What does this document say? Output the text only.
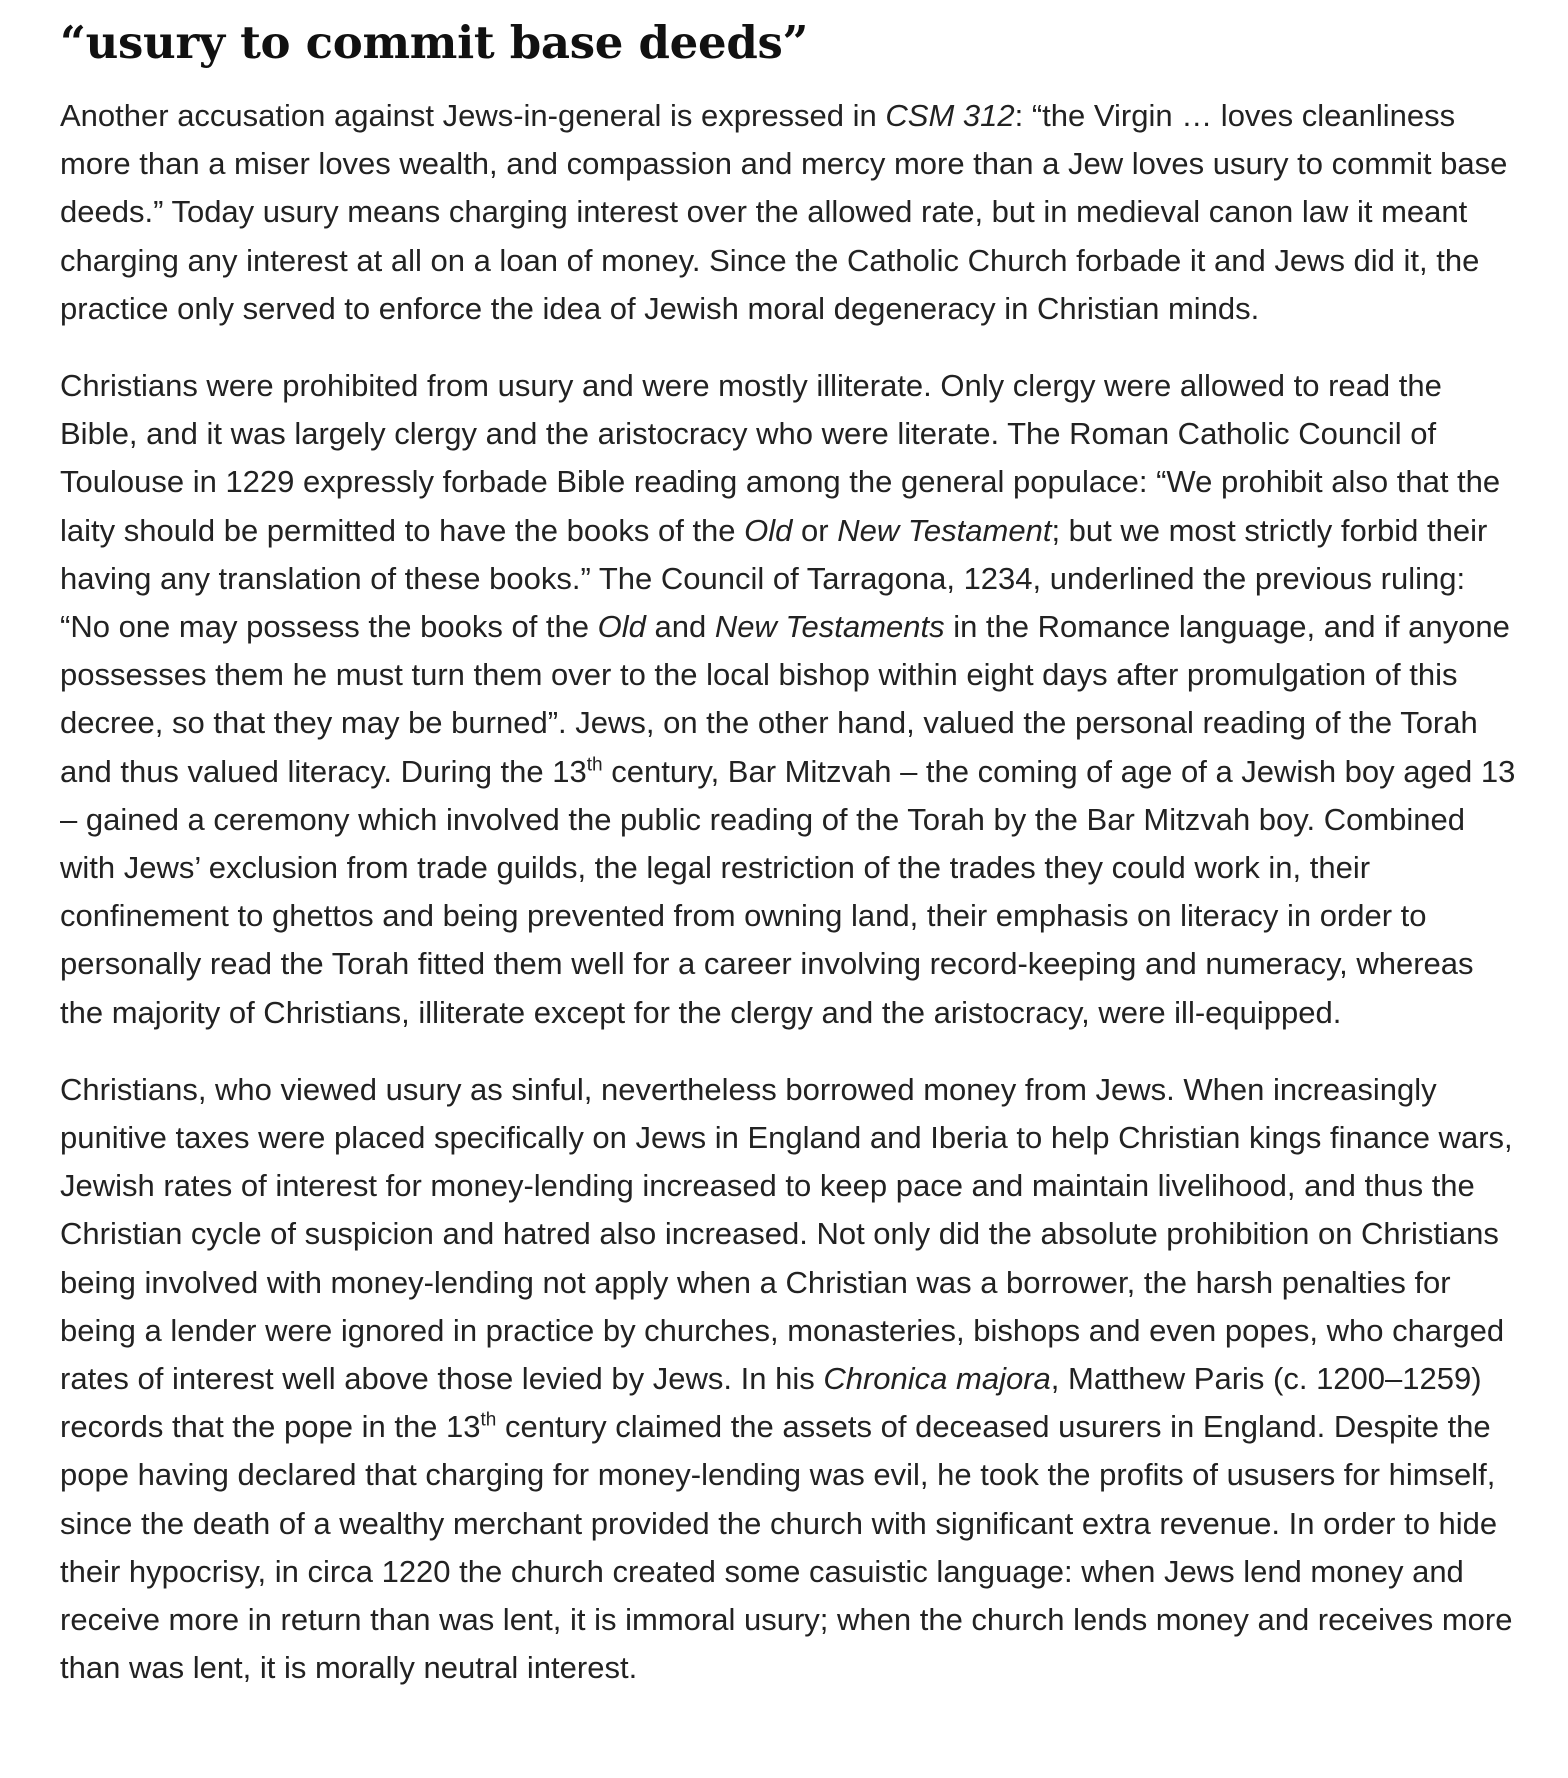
“usury to commit base deeds”

Another accusation against Jews-in-general is expressed in CSM 312: “the Virgin … loves cleanliness more than a miser loves wealth, and compassion and mercy more than a Jew loves usury to commit base deeds.” Today usury means charging interest over the allowed rate, but in medieval canon law it meant charging any interest at all on a loan of money. Since the Catholic Church forbade it and Jews did it, the practice only served to enforce the idea of Jewish moral degeneracy in Christian minds.

Christians were prohibited from usury and were mostly illiterate. Only clergy were allowed to read the Bible, and it was largely clergy and the aristocracy who were literate. The Roman Catholic Council of Toulouse in 1229 expressly forbade Bible reading among the general populace: “We prohibit also that the laity should be permitted to have the books of the Old or New Testament; but we most strictly forbid their having any translation of these books.” The Council of Tarragona, 1234, underlined the previous ruling: “No one may possess the books of the Old and New Testaments in the Romance language, and if anyone possesses them he must turn them over to the local bishop within eight days after promulgation of this decree, so that they may be burned”. Jews, on the other hand, valued the personal reading of the Torah and thus valued literacy. During the 13th century, Bar Mitzvah – the coming of age of a Jewish boy aged 13 – gained a ceremony which involved the public reading of the Torah by the Bar Mitzvah boy. Combined with Jews’ exclusion from trade guilds, the legal restriction of the trades they could work in, their confinement to ghettos and being prevented from owning land, their emphasis on literacy in order to personally read the Torah fitted them well for a career involving record-keeping and numeracy, whereas the majority of Christians, illiterate except for the clergy and the aristocracy, were ill-equipped.

Christians, who viewed usury as sinful, nevertheless borrowed money from Jews. When increasingly punitive taxes were placed specifically on Jews in England and Iberia to help Christian kings finance wars, Jewish rates of interest for money-lending increased to keep pace and maintain livelihood, and thus the Christian cycle of suspicion and hatred also increased. Not only did the absolute prohibition on Christians being involved with money-lending not apply when a Christian was a borrower, the harsh penalties for being a lender were ignored in practice by churches, monasteries, bishops and even popes, who charged rates of interest well above those levied by Jews. In his Chronica majora, Matthew Paris (c. 1200–1259) records that the pope in the 13th century claimed the assets of deceased usurers in England. Despite the pope having declared that charging for money-lending was evil, he took the profits of ususers for himself, since the death of a wealthy merchant provided the church with significant extra revenue. In order to hide their hypocrisy, in circa 1220 the church created some casuistic language: when Jews lend money and receive more in return than was lent, it is immoral usury; when the church lends money and receives more than was lent, it is morally neutral interest.
